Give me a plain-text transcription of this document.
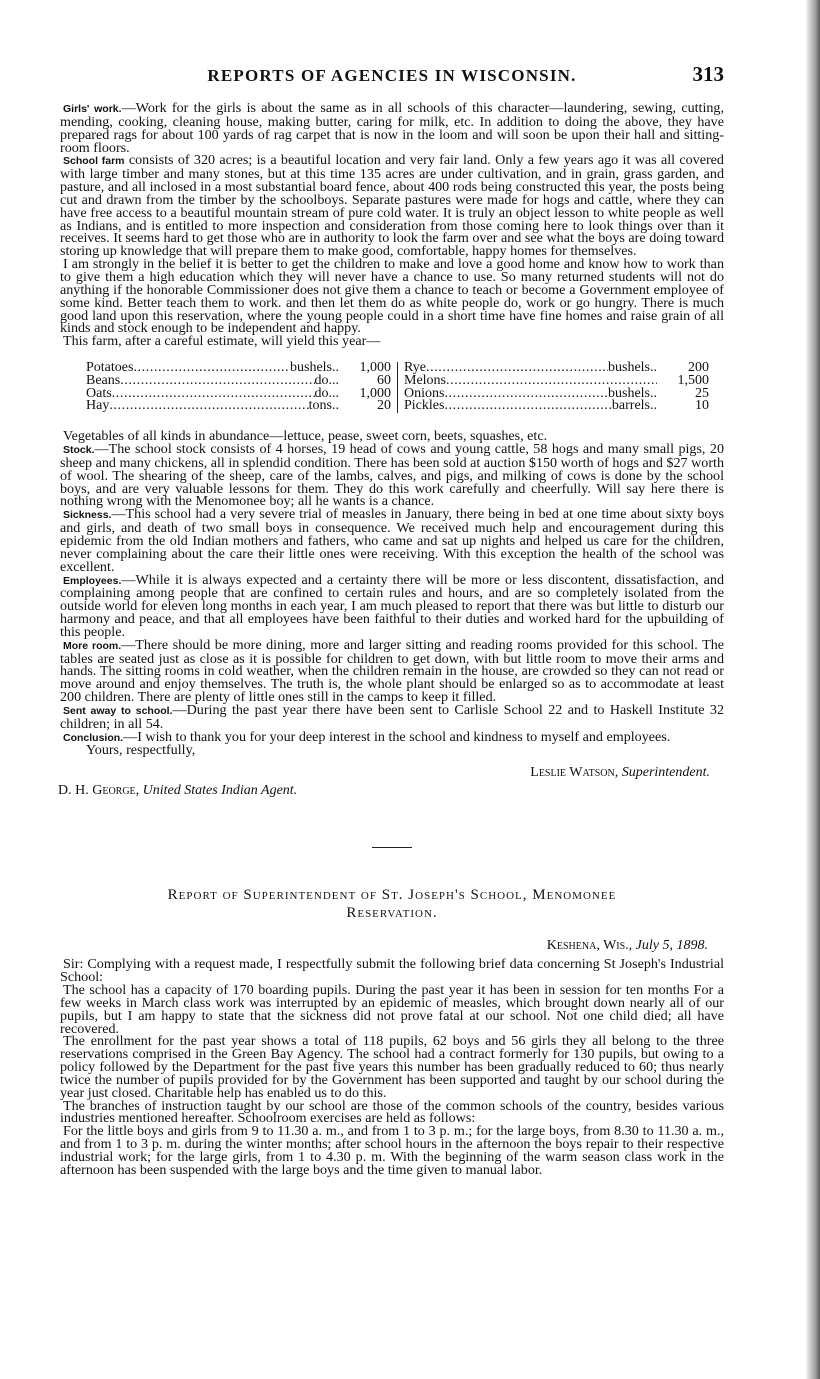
REPORTS OF AGENCIES IN WISCONSIN.	313

Girls' work.—Work for the girls is about the same as in all schools of this character—laundering, sewing, cutting, mending, cooking, cleaning house, making butter, caring for milk, etc. In addition to doing the above, they have prepared rags for about 100 yards of rag carpet that is now in the loom and will soon be upon their hall and sitting-room floors.

School farm consists of 320 acres; is a beautiful location and very fair land. Only a few years ago it was all covered with large timber and many stones, but at this time 135 acres are under cultivation, and in grain, grass garden, and pasture, and all inclosed in a most substantial board fence, about 400 rods being constructed this year, the posts being cut and drawn from the timber by the schoolboys. Separate pastures were made for hogs and cattle, where they can have free access to a beautiful mountain stream of pure cold water. It is truly an object lesson to white people as well as Indians, and is entitled to more inspection and consideration from those coming here to look things over than it receives. It seems hard to get those who are in authority to look the farm over and see what the boys are doing toward storing up knowledge that will prepare them to make good, comfortable, happy homes for themselves.

I am strongly in the belief it is better to get the children to make and love a good home and know how to work than to give them a high education which they will never have a chance to use. So many returned students will not do anything if the honorable Commissioner does not give them a chance to teach or become a Government employee of some kind. Better teach them to work. and then let them do as white people do, work or go hungry. There is much good land upon this reservation, where the young people could in a short time have fine homes and raise grain of all kinds and stock enough to be independent and happy.

This farm, after a careful estimate, will yield this year—

Potatoes .....	bushels..	1,000
Beans .....	do...	60
Oats .....	do...	1,000
Hay .....	tons..	20
Rye .....	bushels..	200
Melons .....	1,500
Onions .....	bushels..	25
Pickles .....	barrels..	10

Vegetables of all kinds in abundance—lettuce, pease, sweet corn, beets, squashes, etc.

Stock.—The school stock consists of 4 horses, 19 head of cows and young cattle, 58 hogs and many small pigs, 20 sheep and many chickens, all in splendid condition. There has been sold at auction $150 worth of hogs and $27 worth of wool. The shearing of the sheep, care of the lambs, calves, and pigs, and milking of cows is done by the school boys, and are very valuable lessons for them. They do this work carefully and cheerfully. Will say here there is nothing wrong with the Menomonee boy; all he wants is a chance.

Sickness.—This school had a very severe trial of measles in January, there being in bed at one time about sixty boys and girls, and death of two small boys in consequence. We received much help and encouragement during this epidemic from the old Indian mothers and fathers, who came and sat up nights and helped us care for the children, never complaining about the care their little ones were receiving. With this exception the health of the school was excellent.

Employees.—While it is always expected and a certainty there will be more or less discontent, dissatisfaction, and complaining among people that are confined to certain rules and hours, and are so completely isolated from the outside world for eleven long months in each year, I am much pleased to report that there was but little to disturb our harmony and peace, and that all employees have been faithful to their duties and worked hard for the upbuilding of this people.

More room.—There should be more dining, more and larger sitting and reading rooms provided for this school. The tables are seated just as close as it is possible for children to get down, with but little room to move their arms and hands. The sitting rooms in cold weather, when the children remain in the house, are crowded so they can not read or move around and enjoy themselves. The truth is, the whole plant should be enlarged so as to accommodate at least 200 children. There are plenty of little ones still in the camps to keep it filled.

Sent away to school.—During the past year there have been sent to Carlisle School 22 and to Haskell Institute 32 children; in all 54.

Conclusion.—I wish to thank you for your deep interest in the school and kindness to myself and employees.

Yours, respectfully,

Leslie Watson, Superintendent.
D. H. George, United States Indian Agent.
Report of Superintendent of St. Joseph's School, Menomonee
Reservation.
Keshena, Wis., July 5, 1898.

Sir: Complying with a request made, I respectfully submit the following brief data concerning St Joseph's Industrial School:

The school has a capacity of 170 boarding pupils. During the past year it has been in session for ten months For a few weeks in March class work was interrupted by an epidemic of measles, which brought down nearly all of our pupils, but I am happy to state that the sickness did not prove fatal at our school. Not one child died; all have recovered.

The enrollment for the past year shows a total of 118 pupils, 62 boys and 56 girls they all belong to the three reservations comprised in the Green Bay Agency. The school had a contract formerly for 130 pupils, but owing to a policy followed by the Department for the past five years this number has been gradually reduced to 60; thus nearly twice the number of pupils provided for by the Government has been supported and taught by our school during the year just closed. Charitable help has enabled us to do this.

The branches of instruction taught by our school are those of the common schools of the country, besides various industries mentioned hereafter. Schoolroom exercises are held as follows:

For the little boys and girls from 9 to 11.30 a. m., and from 1 to 3 p. m.; for the large boys, from 8.30 to 11.30 a. m., and from 1 to 3 p. m. during the winter months; after school hours in the afternoon the boys repair to their respective industrial work; for the large girls, from 1 to 4.30 p. m. With the beginning of the warm season class work in the afternoon has been suspended with the large boys and the time given to manual labor.
